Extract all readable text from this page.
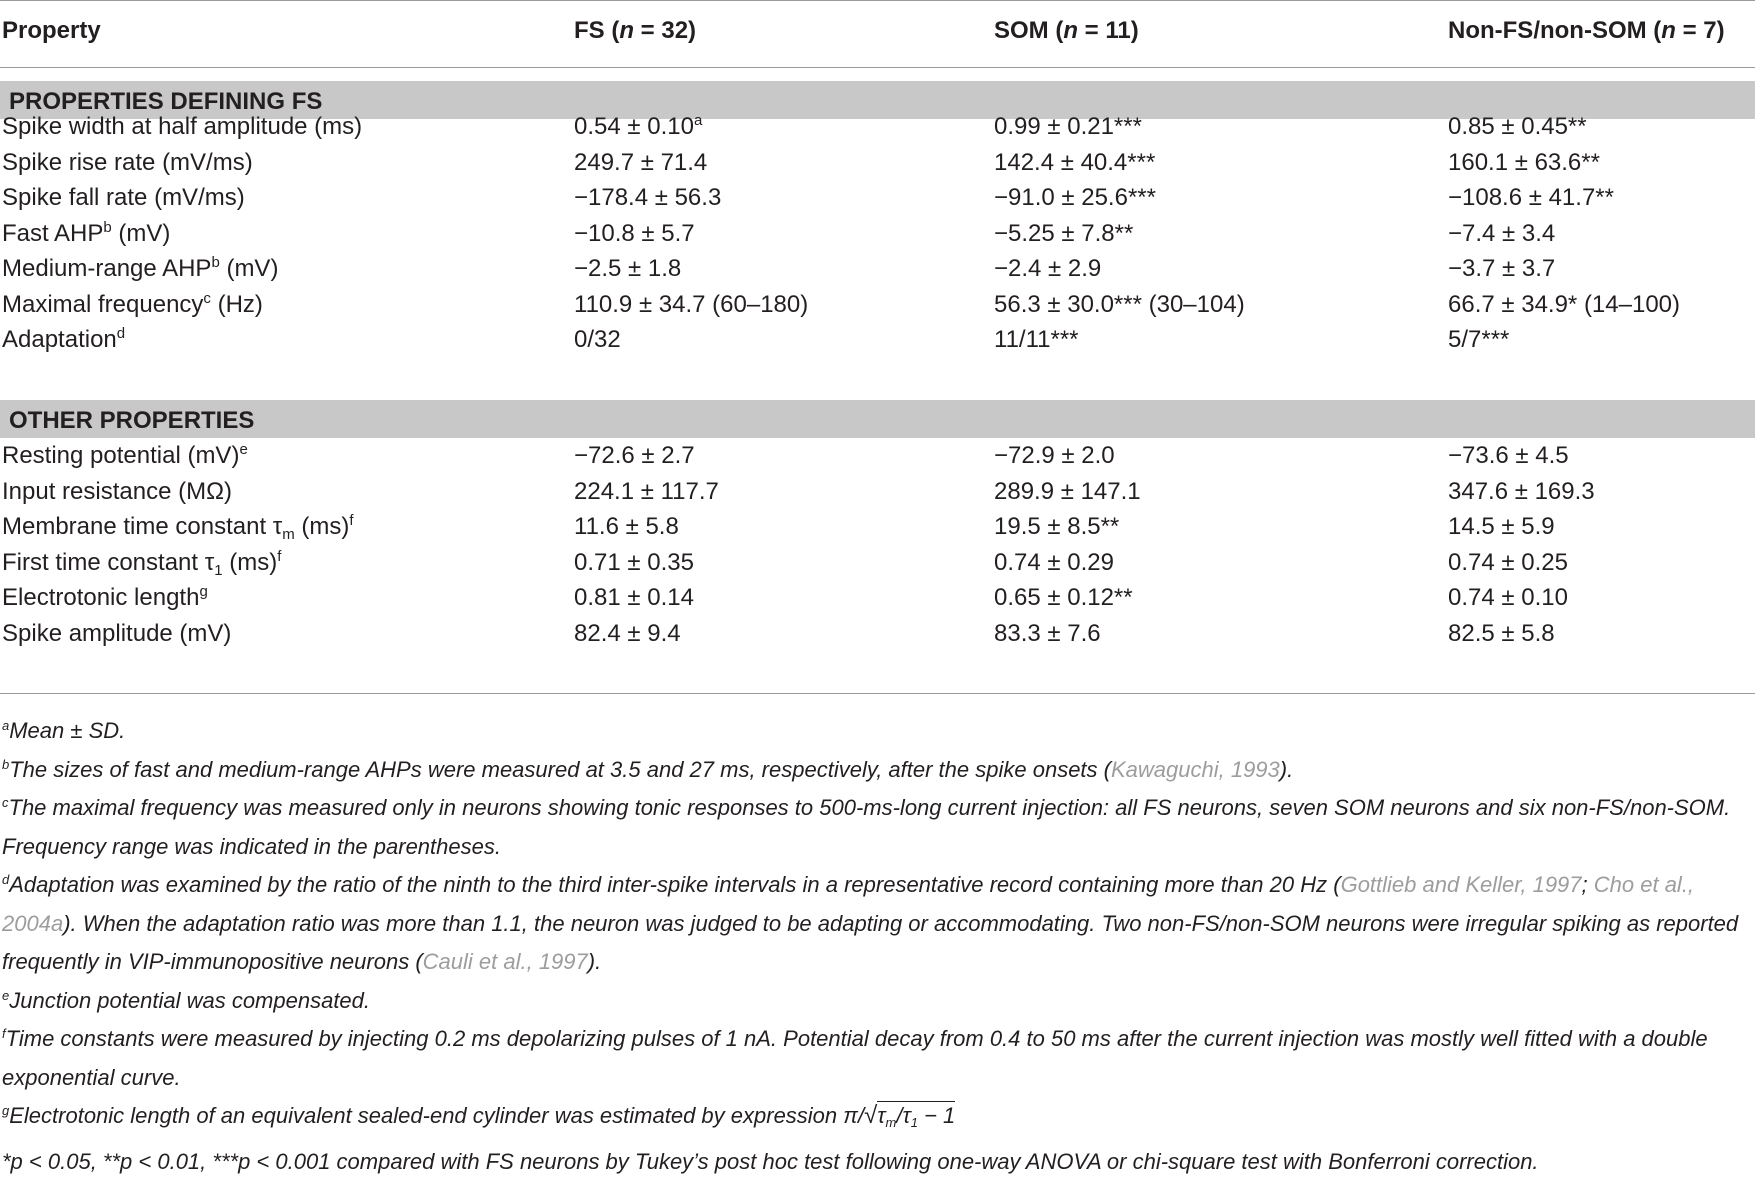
Property	FS (n = 32)	SOM (n = 11)	Non-FS/non-SOM (n = 7)
PROPERTIES DEFINING FS
Spike width at half amplitude (ms)	0.54 ± 0.10$^a$	0.99 ± 0.21***	0.85 ± 0.45**
Spike rise rate (mV/ms)	249.7 ± 71.4	142.4 ± 40.4***	160.1 ± 63.6**
Spike fall rate (mV/ms)	−178.4 ± 56.3	−91.0 ± 25.6***	−108.6 ± 41.7**
Fast AHP$^b$ (mV)	−10.8 ± 5.7	−5.25 ± 7.8**	−7.4 ± 3.4
Medium-range AHP$^b$ (mV)	−2.5 ± 1.8	−2.4 ± 2.9	−3.7 ± 3.7
Maximal frequency$^c$ (Hz)	110.9 ± 34.7 (60–180)	56.3 ± 30.0*** (30–104)	66.7 ± 34.9* (14–100)
Adaptation$^d$	0/32	11/11***	5/7***
OTHER PROPERTIES
Resting potential (mV)$^e$	−72.6 ± 2.7	−72.9 ± 2.0	−73.6 ± 4.5
Input resistance (MΩ)	224.1 ± 117.7	289.9 ± 147.1	347.6 ± 169.3
Membrane time constant $\tau_m$ (ms)$^f$	11.6 ± 5.8	19.5 ± 8.5**	14.5 ± 5.9
First time constant $\tau_1$ (ms)$^f$	0.71 ± 0.35	0.74 ± 0.29	0.74 ± 0.25
Electrotonic length$^g$	0.81 ± 0.14	0.65 ± 0.12**	0.74 ± 0.10
Spike amplitude (mV)	82.4 ± 9.4	83.3 ± 7.6	82.5 ± 5.8

$^a$Mean ± SD.

$^b$The sizes of fast and medium-range AHPs were measured at 3.5 and 27 ms, respectively, after the spike onsets (Kawaguchi, 1993).

$^c$The maximal frequency was measured only in neurons showing tonic responses to 500-ms-long current injection: all FS neurons, seven SOM neurons and six non-FS/non-SOM. Frequency range was indicated in the parentheses.

$^d$Adaptation was examined by the ratio of the ninth to the third inter-spike intervals in a representative record containing more than 20 Hz (Gottlieb and Keller, 1997; Cho et al., 2004a). When the adaptation ratio was more than 1.1, the neuron was judged to be adapting or accommodating. Two non-FS/non-SOM neurons were irregular spiking as reported frequently in VIP-immunopositive neurons (Cauli et al., 1997).

$^e$Junction potential was compensated.

$^f$Time constants were measured by injecting 0.2 ms depolarizing pulses of 1 nA. Potential decay from 0.4 to 50 ms after the current injection was mostly well fitted with a double exponential curve.

$^g$Electrotonic length of an equivalent sealed-end cylinder was estimated by expression π/√τm/τ1 − 1

*p < 0.05, **p < 0.01, ***p < 0.001 compared with FS neurons by Tukey’s post hoc test following one-way ANOVA or chi-square test with Bonferroni correction.
